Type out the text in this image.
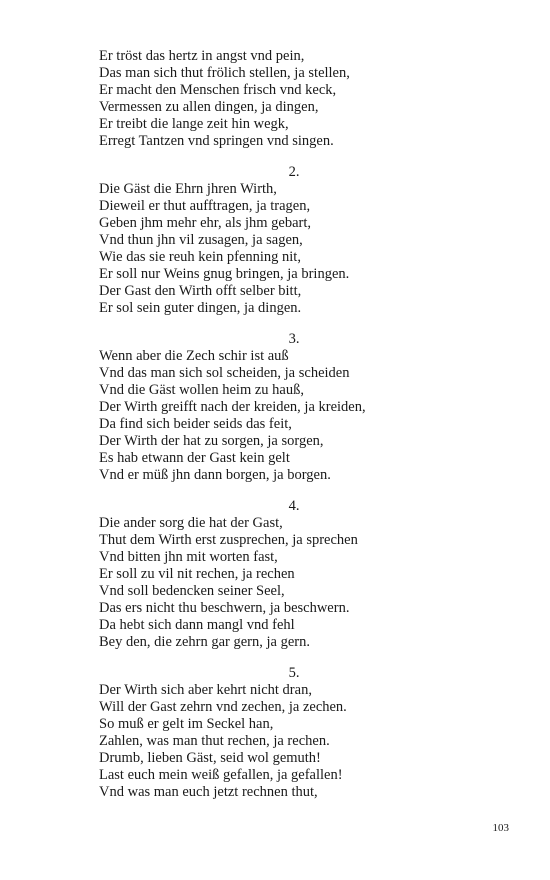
Er tröst das hertz in angst vnd pein,
Das man sich thut frölich stellen, ja stellen,
Er macht den Menschen frisch vnd keck,
Vermessen zu allen dingen, ja dingen,
Er treibt die lange zeit hin wegk,
Erregt Tantzen vnd springen vnd singen.
2.
Die Gäst die Ehrn jhren Wirth,
Dieweil er thut aufftragen, ja tragen,
Geben jhm mehr ehr, als jhm gebart,
Vnd thun jhn vil zusagen, ja sagen,
Wie das sie reuh kein pfenning nit,
Er soll nur Weins gnug bringen, ja bringen.
Der Gast den Wirth offt selber bitt,
Er sol sein guter dingen, ja dingen.
3.
Wenn aber die Zech schir ist auß
Vnd das man sich sol scheiden, ja scheiden
Vnd die Gäst wollen heim zu hauß,
Der Wirth greifft nach der kreiden, ja kreiden,
Da find sich beider seids das feit,
Der Wirth der hat zu sorgen, ja sorgen,
Es hab etwann der Gast kein gelt
Vnd er müß jhn dann borgen, ja borgen.
4.
Die ander sorg die hat der Gast,
Thut dem Wirth erst zusprechen, ja sprechen
Vnd bitten jhn mit worten fast,
Er soll zu vil nit rechen, ja rechen
Vnd soll bedencken seiner Seel,
Das ers nicht thu beschwern, ja beschwern.
Da hebt sich dann mangl vnd fehl
Bey den, die zehrn gar gern, ja gern.
5.
Der Wirth sich aber kehrt nicht dran,
Will der Gast zehrn vnd zechen, ja zechen.
So muß er gelt im Seckel han,
Zahlen, was man thut rechen, ja rechen.
Drumb, lieben Gäst, seid wol gemuth!
Last euch mein weiß gefallen, ja gefallen!
Vnd was man euch jetzt rechnen thut,
103
